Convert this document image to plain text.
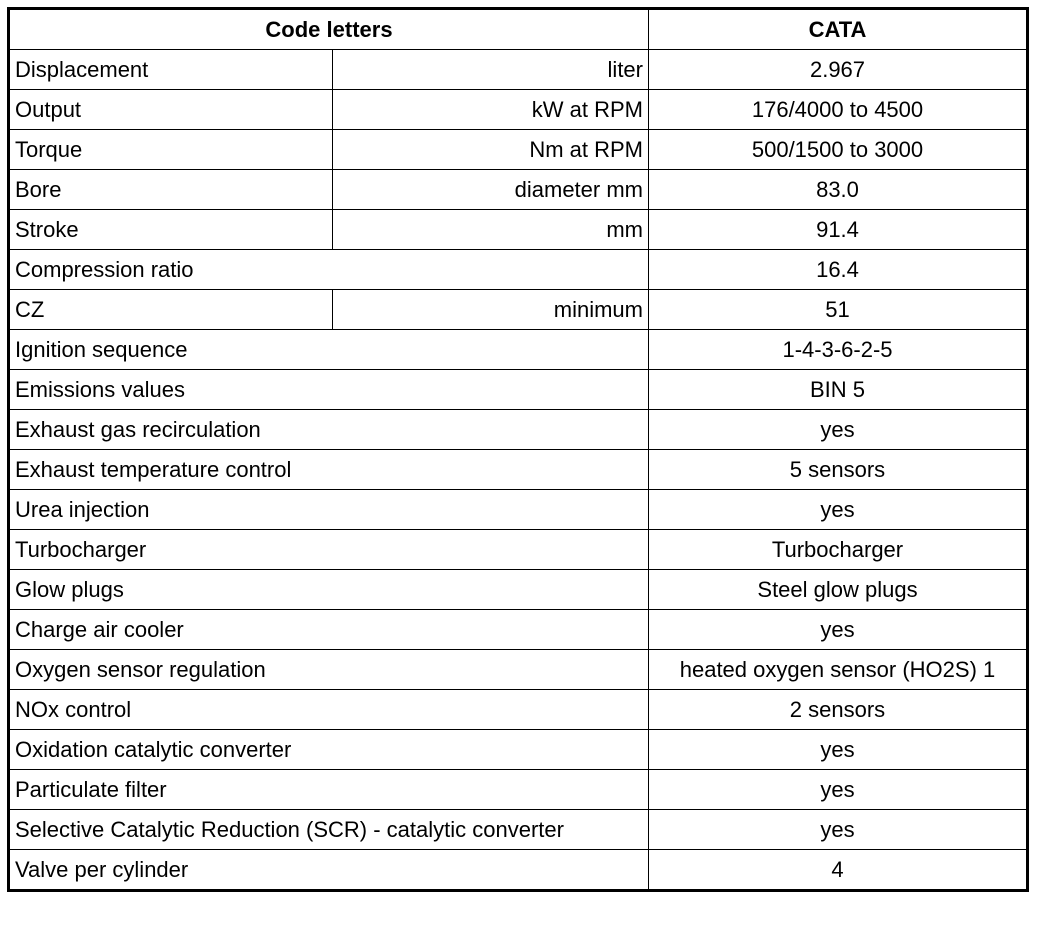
Code letters		CATA
Displacement	liter	2.967
Output	kW at RPM	176/4000 to 4500
Torque	Nm at RPM	500/1500 to 3000
Bore	diameter mm	83.0
Stroke	mm	91.4
Compression ratio		16.4
CZ	minimum	51
Ignition sequence		1-4-3-6-2-5
Emissions values		BIN 5
Exhaust gas recirculation		yes
Exhaust temperature control		5 sensors
Urea injection		yes
Turbocharger		Turbocharger
Glow plugs		Steel glow plugs
Charge air cooler		yes
Oxygen sensor regulation		heated oxygen sensor (HO2S) 1
NOx control		2 sensors
Oxidation catalytic converter		yes
Particulate filter		yes
Selective Catalytic Reduction (SCR) - catalytic converter		yes
Valve per cylinder		4
